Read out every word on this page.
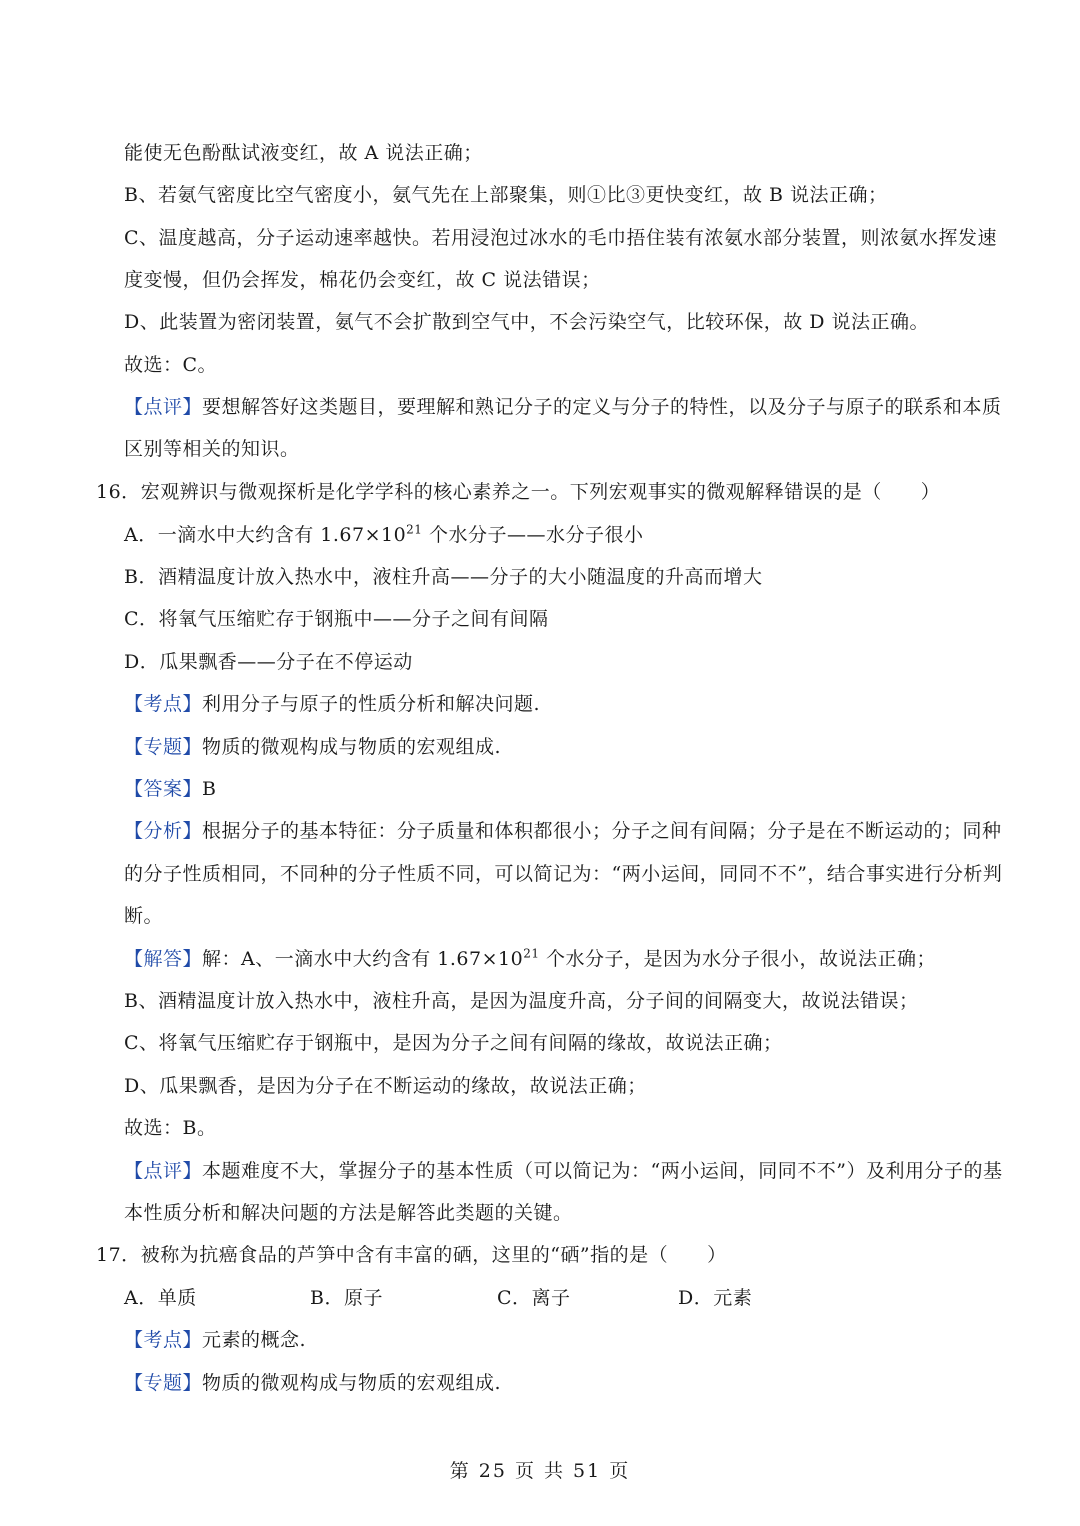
能使无色酚酞试液变红，故 A 说法正确；
B、若氨气密度比空气密度小，氨气先在上部聚集，则①比③更快变红，故 B 说法正确；
C、温度越高，分子运动速率越快。若用浸泡过冰水的毛巾捂住装有浓氨水部分装置，则浓氨水挥发速
度变慢，但仍会挥发，棉花仍会变红，故 C 说法错误；
D、此装置为密闭装置，氨气不会扩散到空气中，不会污染空气，比较环保，故 D 说法正确。
故选：C。
【点评】要想解答好这类题目，要理解和熟记分子的定义与分子的特性，以及分子与原子的联系和本质
区别等相关的知识。
16．宏观辨识与微观探析是化学学科的核心素养之一。下列宏观事实的微观解释错误的是（　　）
A．一滴水中大约含有 $1.67\times 10^{21}$ 个水分子——水分子很小
B．酒精温度计放入热水中，液柱升高——分子的大小随温度的升高而增大
C．将氧气压缩贮存于钢瓶中——分子之间有间隔
D．瓜果飘香——分子在不停运动
【考点】利用分子与原子的性质分析和解决问题.
【专题】物质的微观构成与物质的宏观组成.
【答案】B
【分析】根据分子的基本特征：分子质量和体积都很小；分子之间有间隔；分子是在不断运动的；同种
的分子性质相同，不同种的分子性质不同，可以简记为：“两小运间，同同不不”，结合事实进行分析判
断。
【解答】解：A、一滴水中大约含有 $1.67\times 10^{21}$ 个水分子，是因为水分子很小，故说法正确；
B、酒精温度计放入热水中，液柱升高，是因为温度升高，分子间的间隔变大，故说法错误；
C、将氧气压缩贮存于钢瓶中，是因为分子之间有间隔的缘故，故说法正确；
D、瓜果飘香，是因为分子在不断运动的缘故，故说法正确；
故选：B。
【点评】本题难度不大，掌握分子的基本性质（可以简记为：“两小运间，同同不不”）及利用分子的基
本性质分析和解决问题的方法是解答此类题的关键。
17．被称为抗癌食品的芦笋中含有丰富的硒，这里的“硒”指的是（　　）
A．单质	B．原子	C．离子	D．元素
【考点】元素的概念.
【专题】物质的微观构成与物质的宏观组成.
第 25 页 共 51 页
